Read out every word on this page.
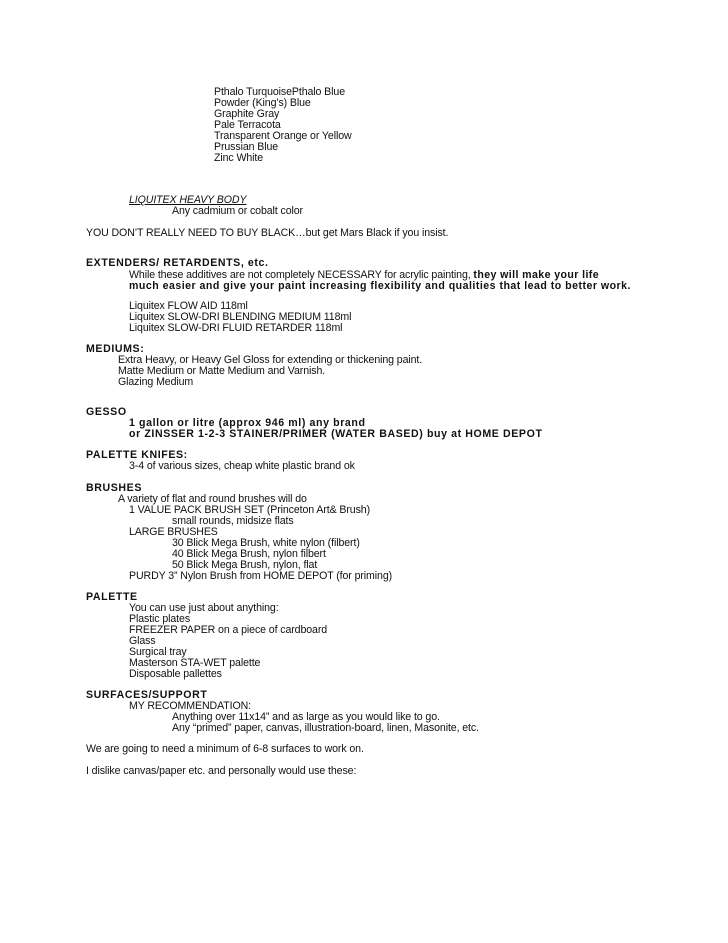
Pthalo TurquoisePthalo Blue
Powder (King’s) Blue
Graphite Gray
Pale Terracota
Transparent Orange or Yellow
Prussian Blue
Zinc White
LIQUITEX HEAVY BODY
Any cadmium or cobalt color
YOU DON’T REALLY NEED TO BUY BLACK…but get Mars Black if you insist.
EXTENDERS/ RETARDENTS, etc.
While these additives are not completely NECESSARY for acrylic painting, they will make your life
much easier and give your paint increasing flexibility and qualities that lead to better work.
Liquitex FLOW AID 118ml
Liquitex SLOW-DRI BLENDING MEDIUM 118ml
Liquitex SLOW-DRI FLUID RETARDER 118ml
MEDIUMS:
Extra Heavy, or Heavy Gel Gloss for extending or thickening paint.
Matte Medium or Matte Medium and Varnish.
Glazing Medium
GESSO
1 gallon or litre (approx 946 ml) any brand
or ZINSSER 1-2-3 STAINER/PRIMER (WATER BASED) buy at HOME DEPOT
PALETTE KNIFES:
3-4 of various sizes, cheap white plastic brand ok
BRUSHES
A variety of flat and round brushes will do
1 VALUE PACK BRUSH SET (Princeton Art& Brush)
small rounds, midsize flats
LARGE BRUSHES
30 Blick Mega Brush, white nylon (filbert)
40 Blick Mega Brush, nylon filbert
50 Blick Mega Brush, nylon, flat
PURDY 3” Nylon Brush from HOME DEPOT (for priming)
PALETTE
You can use just about anything:
Plastic plates
FREEZER PAPER on a piece of cardboard
Glass
Surgical tray
Masterson STA-WET palette
Disposable pallettes
SURFACES/SUPPORT
MY RECOMMENDATION:
Anything over 11x14” and as large as you would like to go.
Any “primed” paper, canvas, illustration-board, linen, Masonite, etc.
We are going to need a minimum of 6-8 surfaces to work on.
I dislike canvas/paper etc. and personally would use these:
